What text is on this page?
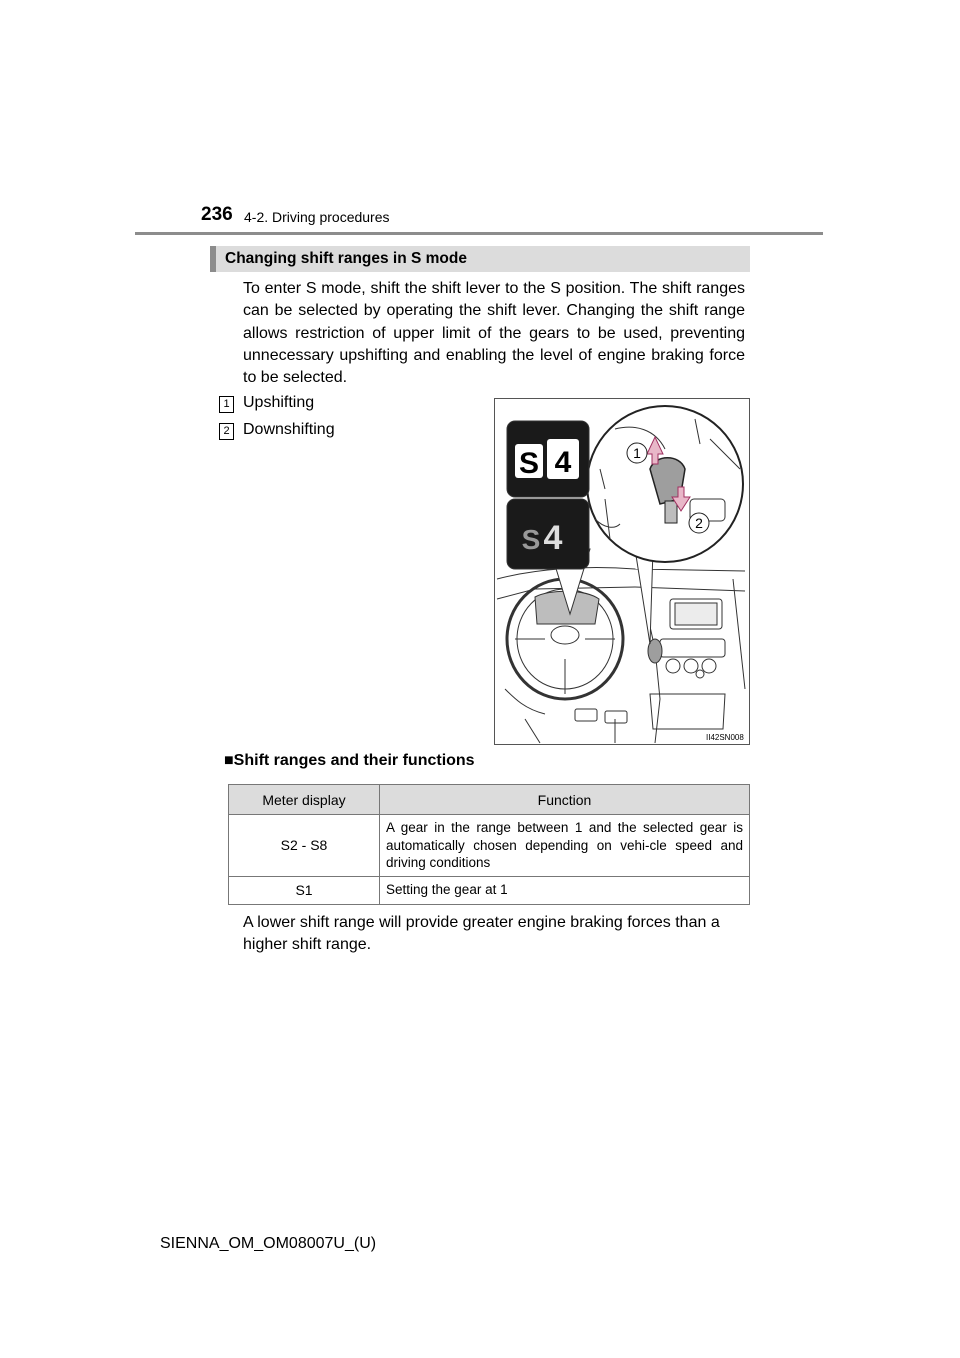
236 4-2. Driving procedures
Changing shift ranges in S mode
To enter S mode, shift the shift lever to the S position. The shift ranges can be selected by operating the shift lever. Changing the shift range allows restriction of upper limit of the gears to be used, preventing unnecessary upshifting and enabling the level of engine braking force to be selected.
1 Upshifting
2 Downshifting
1
2
S 4
S 4
II42SN008
■Shift ranges and their functions
Meter display	Function
S2 - S8	A gear in the range between 1 and the selected gear is automatically chosen depending on vehi-cle speed and driving conditions
S1	Setting the gear at 1
A lower shift range will provide greater engine braking forces than a higher shift range.
SIENNA_OM_OM08007U_(U)
